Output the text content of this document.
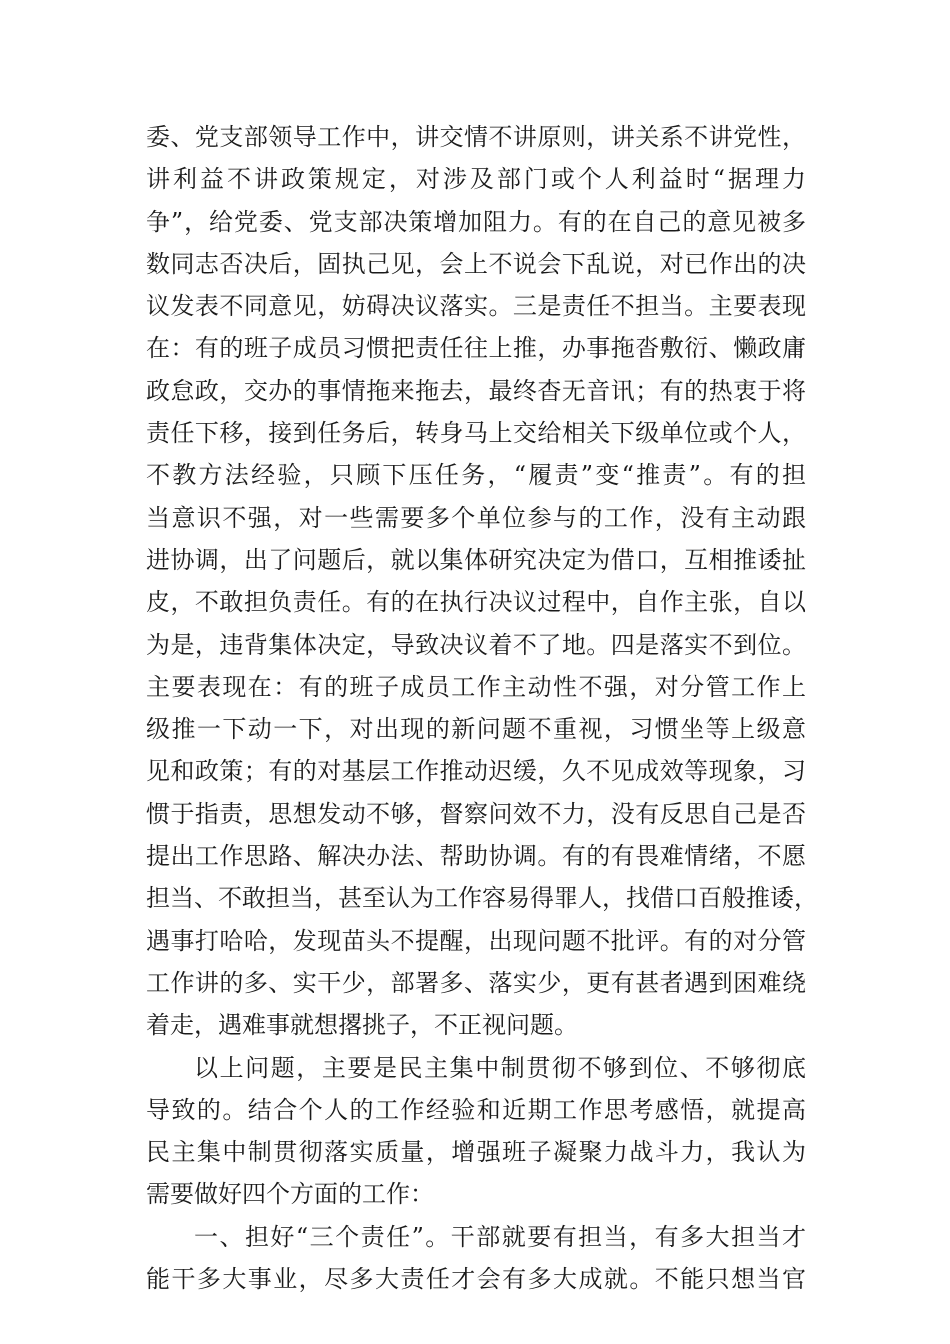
委、党支部领导工作中，讲交情不讲原则，讲关系不讲党性，
讲利益不讲政策规定，对涉及部门或个人利益时“据理力
争”，给党委、党支部决策增加阻力。有的在自己的意见被多
数同志否决后，固执己见，会上不说会下乱说，对已作出的决
议发表不同意见，妨碍决议落实。三是责任不担当。主要表现
在：有的班子成员习惯把责任往上推，办事拖沓敷衍、懒政庸
政怠政，交办的事情拖来拖去，最终杳无音讯；有的热衷于将
责任下移，接到任务后，转身马上交给相关下级单位或个人，
不教方法经验，只顾下压任务，“履责”变“推责”。有的担
当意识不强，对一些需要多个单位参与的工作，没有主动跟
进协调，出了问题后，就以集体研究决定为借口，互相推诿扯
皮，不敢担负责任。有的在执行决议过程中，自作主张，自以
为是，违背集体决定，导致决议着不了地。四是落实不到位。
主要表现在：有的班子成员工作主动性不强，对分管工作上
级推一下动一下，对出现的新问题不重视，习惯坐等上级意
见和政策；有的对基层工作推动迟缓，久不见成效等现象，习
惯于指责，思想发动不够，督察问效不力，没有反思自己是否
提出工作思路、解决办法、帮助协调。有的有畏难情绪，不愿
担当、不敢担当，甚至认为工作容易得罪人，找借口百般推诿，
遇事打哈哈，发现苗头不提醒，出现问题不批评。有的对分管
工作讲的多、实干少，部署多、落实少，更有甚者遇到困难绕
着走，遇难事就想撂挑子，不正视问题。
以上问题，主要是民主集中制贯彻不够到位、不够彻底
导致的。结合个人的工作经验和近期工作思考感悟，就提高
民主集中制贯彻落实质量，增强班子凝聚力战斗力，我认为
需要做好四个方面的工作：
一、担好“三个责任”。干部就要有担当，有多大担当才
能干多大事业，尽多大责任才会有多大成就。不能只想当官
